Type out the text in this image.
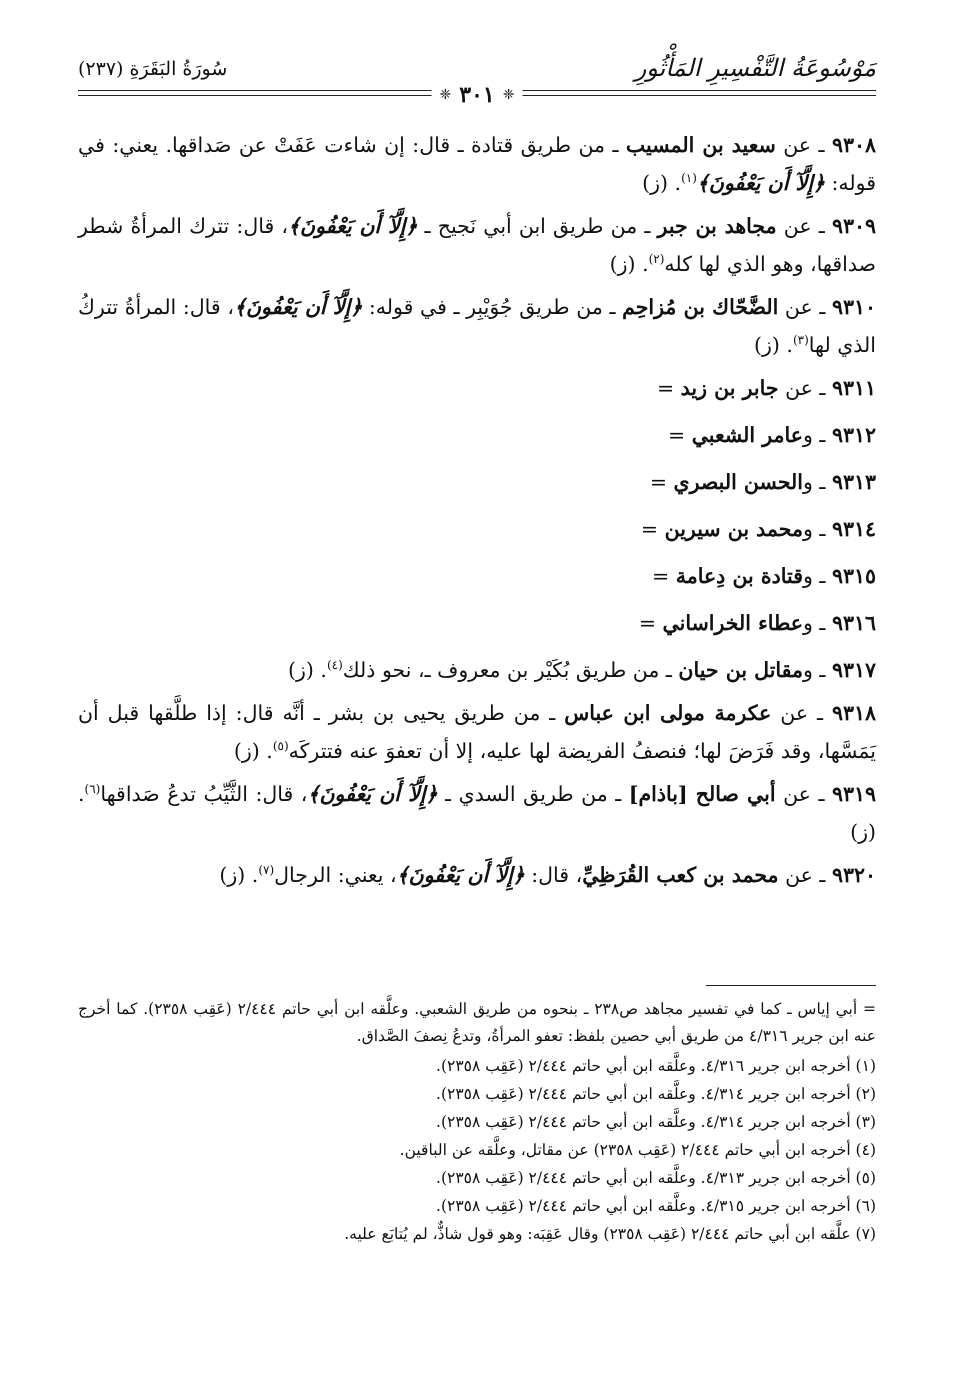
مَوْسُوعَةُ التَّفْسِيرِ المَأْثُورِ
سُورَةُ البَقَرَةِ (٢٣٧)
❈ ٣٠١ ❈

٩٣٠٨ ـ عن سعيد بن المسيب ـ من طريق قتادة ـ قال: إن شاءت عَفَتْ عن صَداقها. يعني: في قوله: ﴿إِلَّآ أَن يَعْفُونَ﴾$^{(١)}$. (ز)

٩٣٠٩ ـ عن مجاهد بن جبر ـ من طريق ابن أبي نَجيح ـ ﴿إِلَّآ أَن يَعْفُونَ﴾، قال: تترك المرأةُ شطر صداقها، وهو الذي لها كله$^{(٢)}$. (ز)

٩٣١٠ ـ عن الضَّحّاك بن مُزاحِم ـ من طريق جُوَيْبِر ـ في قوله: ﴿إِلَّآ أَن يَعْفُونَ﴾، قال: المرأةُ تتركُ الذي لها$^{(٣)}$. (ز)

٩٣١١ ـ عن جابر بن زيد =

٩٣١٢ ـ وعامر الشعبي =

٩٣١٣ ـ والحسن البصري =

٩٣١٤ ـ ومحمد بن سيرين =

٩٣١٥ ـ وقتادة بن دِعامة =

٩٣١٦ ـ وعطاء الخراساني =

٩٣١٧ ـ ومقاتل بن حيان ـ من طريق بُكَيْر بن معروف ـ، نحو ذلك$^{(٤)}$. (ز)

٩٣١٨ ـ عن عكرمة مولى ابن عباس ـ من طريق يحيى بن بشر ـ أنَّه قال: إذا طلَّقها قبل أن يَمَسَّها، وقد فَرَضَ لها؛ فنصفُ الفريضة لها عليه، إلا أن تعفوَ عنه فتتركَه$^{(٥)}$. (ز)

٩٣١٩ ـ عن أبي صالح [باذام] ـ من طريق السدي ـ ﴿إِلَّآ أَن يَعْفُونَ﴾، قال: الثَّيِّبُ تدعُ صَداقها$^{(٦)}$. (ز)

٩٣٢٠ ـ عن محمد بن كعب القُرَظِيِّ، قال: ﴿إِلَّآ أَن يَعْفُونَ﴾، يعني: الرجال$^{(٧)}$. (ز)

= أبي إياس ـ كما في تفسير مجاهد ص٢٣٨ ـ بنحوه من طريق الشعبي. وعلَّقه ابن أبي حاتم ٢/٤٤٤ (عَقِب ٢٣٥٨). كما أخرج عنه ابن جرير ٤/٣١٦ من طريق أبي حصين بلفظ: تعفو المرأةُ، وتدعُ نِصفَ الصَّداق.

(١) أخرجه ابن جرير ٤/٣١٦. وعلَّقه ابن أبي حاتم ٢/٤٤٤ (عَقِب ٢٣٥٨).

(٢) أخرجه ابن جرير ٤/٣١٤. وعلَّقه ابن أبي حاتم ٢/٤٤٤ (عَقِب ٢٣٥٨).

(٣) أخرجه ابن جرير ٤/٣١٤. وعلَّقه ابن أبي حاتم ٢/٤٤٤ (عَقِب ٢٣٥٨).

(٤) أخرجه ابن أبي حاتم ٢/٤٤٤ (عَقِب ٢٣٥٨) عن مقاتل، وعلَّقه عن الباقين.

(٥) أخرجه ابن جرير ٤/٣١٣. وعلَّقه ابن أبي حاتم ٢/٤٤٤ (عَقِب ٢٣٥٨).

(٦) أخرجه ابن جرير ٤/٣١٥. وعلَّقه ابن أبي حاتم ٢/٤٤٤ (عَقِب ٢٣٥٨).

(٧) علَّقه ابن أبي حاتم ٢/٤٤٤ (عَقِب ٢٣٥٨) وقال عَقِبَه: وهو قول شاذٌّ، لم يُتابَع عليه.
